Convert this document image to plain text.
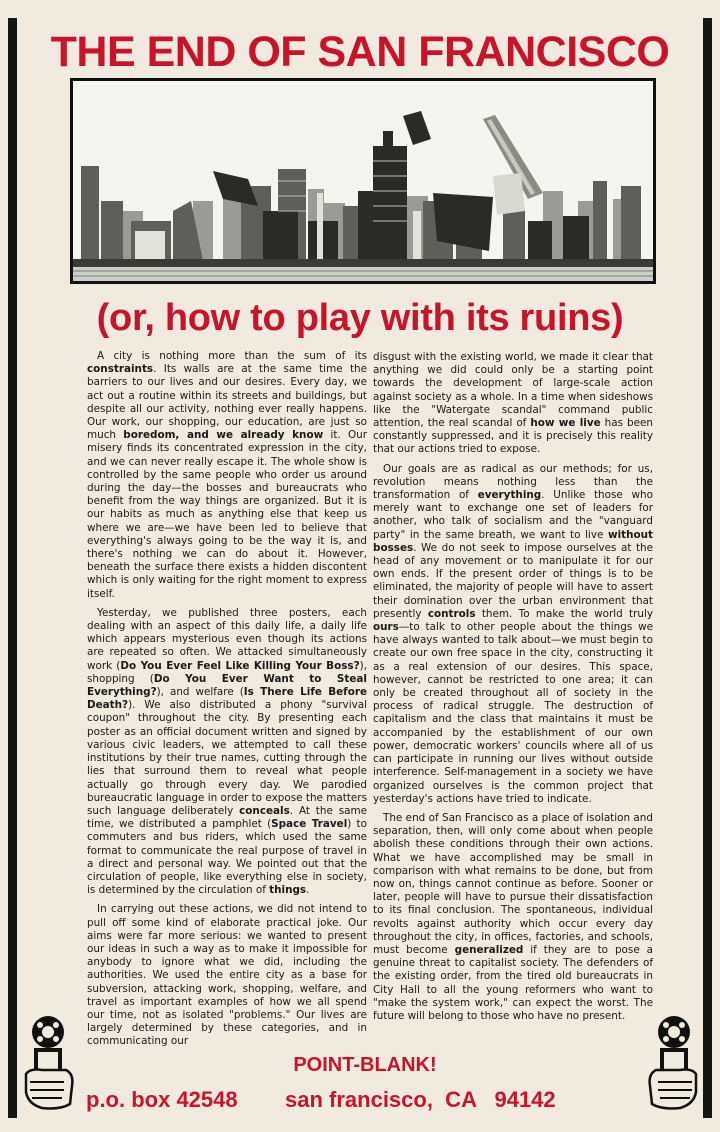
THE END OF SAN FRANCISCO
(or, how to play with its ruins)

A city is nothing more than the sum of its constraints. Its walls are at the same time the barriers to our lives and our desires. Every day, we act out a routine within its streets and buildings, but despite all our activity, nothing ever really happens. Our work, our shopping, our education, are just so much boredom, and we already know it. Our misery finds its concentrated expression in the city, and we can never really escape it. The whole show is controlled by the same people who order us around during the day—the bosses and bureaucrats who benefit from the way things are organized. But it is our habits as much as anything else that keep us where we are—we have been led to believe that everything's always going to be the way it is, and there's nothing we can do about it. However, beneath the surface there exists a hidden discontent which is only waiting for the right moment to express itself.

Yesterday, we published three posters, each dealing with an aspect of this daily life, a daily life which appears mysterious even though its actions are repeated so often. We attacked simultaneously work (Do You Ever Feel Like Killing Your Boss?), shopping (Do You Ever Want to Steal Everything?), and welfare (Is There Life Before Death?). We also distributed a phony "survival coupon" throughout the city. By presenting each poster as an official document written and signed by various civic leaders, we attempted to call these institutions by their true names, cutting through the lies that surround them to reveal what people actually go through every day. We parodied bureaucratic language in order to expose the matters such language deliberately conceals. At the same time, we distributed a pamphlet (Space Travel) to commuters and bus riders, which used the same format to communicate the real purpose of travel in a direct and personal way. We pointed out that the circulation of people, like everything else in society, is determined by the circulation of things.

In carrying out these actions, we did not intend to pull off some kind of elaborate practical joke. Our aims were far more serious: we wanted to present our ideas in such a way as to make it impossible for anybody to ignore what we did, including the authorities. We used the entire city as a base for subversion, attacking work, shopping, welfare, and travel as important examples of how we all spend our time, not as isolated "problems." Our lives are largely determined by these categories, and in communicating our

disgust with the existing world, we made it clear that anything we did could only be a starting point towards the development of large-scale action against society as a whole. In a time when sideshows like the "Watergate scandal" command public attention, the real scandal of how we live has been constantly suppressed, and it is precisely this reality that our actions tried to expose.

Our goals are as radical as our methods; for us, revolution means nothing less than the transformation of everything. Unlike those who merely want to exchange one set of leaders for another, who talk of socialism and the "vanguard party" in the same breath, we want to live without bosses. We do not seek to impose ourselves at the head of any movement or to manipulate it for our own ends. If the present order of things is to be eliminated, the majority of people will have to assert their domination over the urban environment that presently controls them. To make the world truly ours—to talk to other people about the things we have always wanted to talk about—we must begin to create our own free space in the city, constructing it as a real extension of our desires. This space, however, cannot be restricted to one area; it can only be created throughout all of society in the process of radical struggle. The destruction of capitalism and the class that maintains it must be accompanied by the establishment of our own power, democratic workers' councils where all of us can participate in running our lives without outside interference. Self-management in a society we have organized ourselves is the common project that yesterday's actions have tried to indicate.

The end of San Francisco as a place of isolation and separation, then, will only come about when people abolish these conditions through their own actions. What we have accomplished may be small in comparison with what remains to be done, but from now on, things cannot continue as before. Sooner or later, people will have to pursue their dissatisfaction to its final conclusion. The spontaneous, individual revolts against authority which occur every day throughout the city, in offices, factories, and schools, must become generalized if they are to pose a genuine threat to capitalist society. The defenders of the existing order, from the tired old bureaucrats in City Hall to all the young reformers who want to "make the system work," can expect the worst. The future will belong to those who have no present.

POINT-BLANK!
p.o. box 42548 san francisco,  CA   94142
